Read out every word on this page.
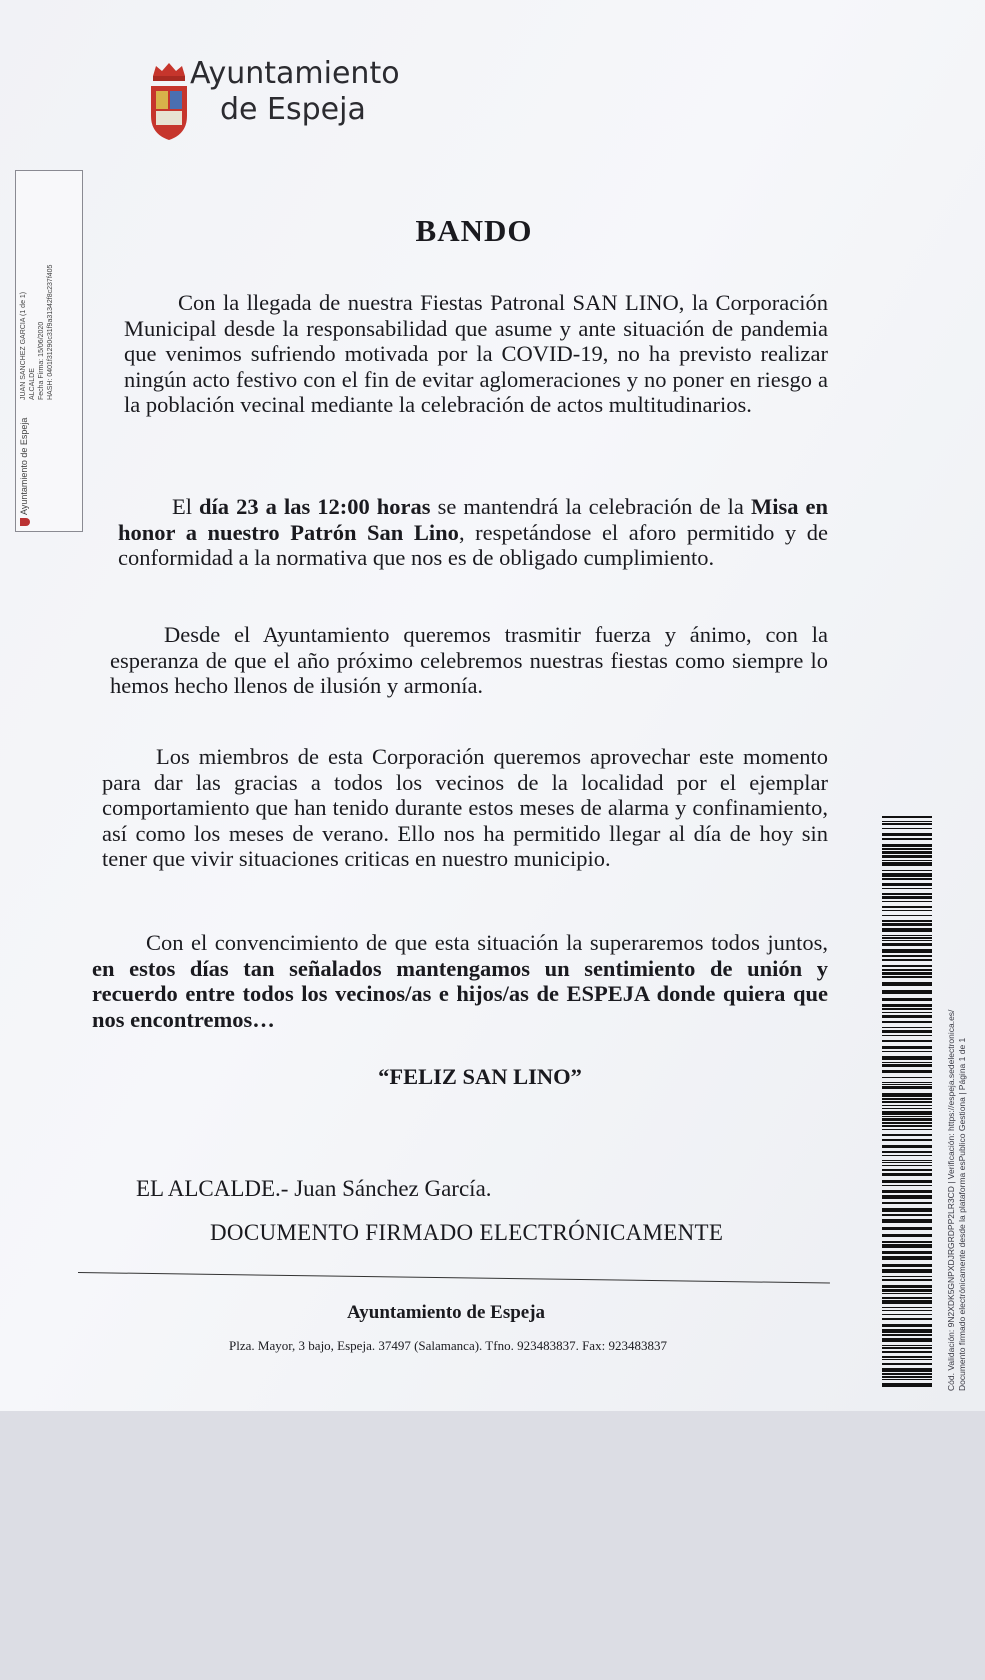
Ayuntamiento
de Espeja
Ayuntamiento de Espeja
JUAN SANCHEZ GARCIA (1 de 1) ALCALDE Fecha Firma: 15/06/2020 HASH: 0401f31290c31f9a31342f8c237f405
BANDO

Con la llegada de nuestra Fiestas Patronal SAN LINO, la Corporación Municipal desde la responsabilidad que asume y ante situación de pandemia que venimos sufriendo motivada por la COVID-19, no ha previsto realizar ningún acto festivo con el fin de evitar aglomeraciones y no poner en riesgo a la población vecinal mediante la celebración de actos multitudinarios.

El día 23 a las 12:00 horas se mantendrá la celebración de la Misa en honor a nuestro Patrón San Lino, respetándose el aforo permitido y de conformidad a la normativa que nos es de obligado cumplimiento.

Desde el Ayuntamiento queremos trasmitir fuerza y ánimo, con la esperanza de que el año próximo celebremos nuestras fiestas como siempre lo hemos hecho llenos de ilusión y armonía.

Los miembros de esta Corporación queremos aprovechar este momento para dar las gracias a todos los vecinos de la localidad por el ejemplar comportamiento que han tenido durante estos meses de alarma y confinamiento, así como los meses de verano. Ello nos ha permitido llegar al día de hoy sin tener que vivir situaciones criticas en nuestro municipio.

Con el convencimiento de que esta situación la superaremos todos juntos, en estos días tan señalados mantengamos un sentimiento de unión y recuerdo entre todos los vecinos/as e hijos/as de ESPEJA donde quiera que nos encontremos…

“FELIZ SAN LINO”
EL ALCALDE.- Juan Sánchez García.
DOCUMENTO FIRMADO ELECTRÓNICAMENTE
Ayuntamiento de Espeja
Plza. Mayor, 3 bajo, Espeja. 37497 (Salamanca). Tfno. 923483837. Fax: 923483837	Cód. Validación: 9N2XDK5GNPXDJRGRDPP2LR3CD | Verificación: https://espeja.sedelectronica.es/ Documento firmado electrónicamente desde la plataforma esPublico Gestiona | Página 1 de 1
